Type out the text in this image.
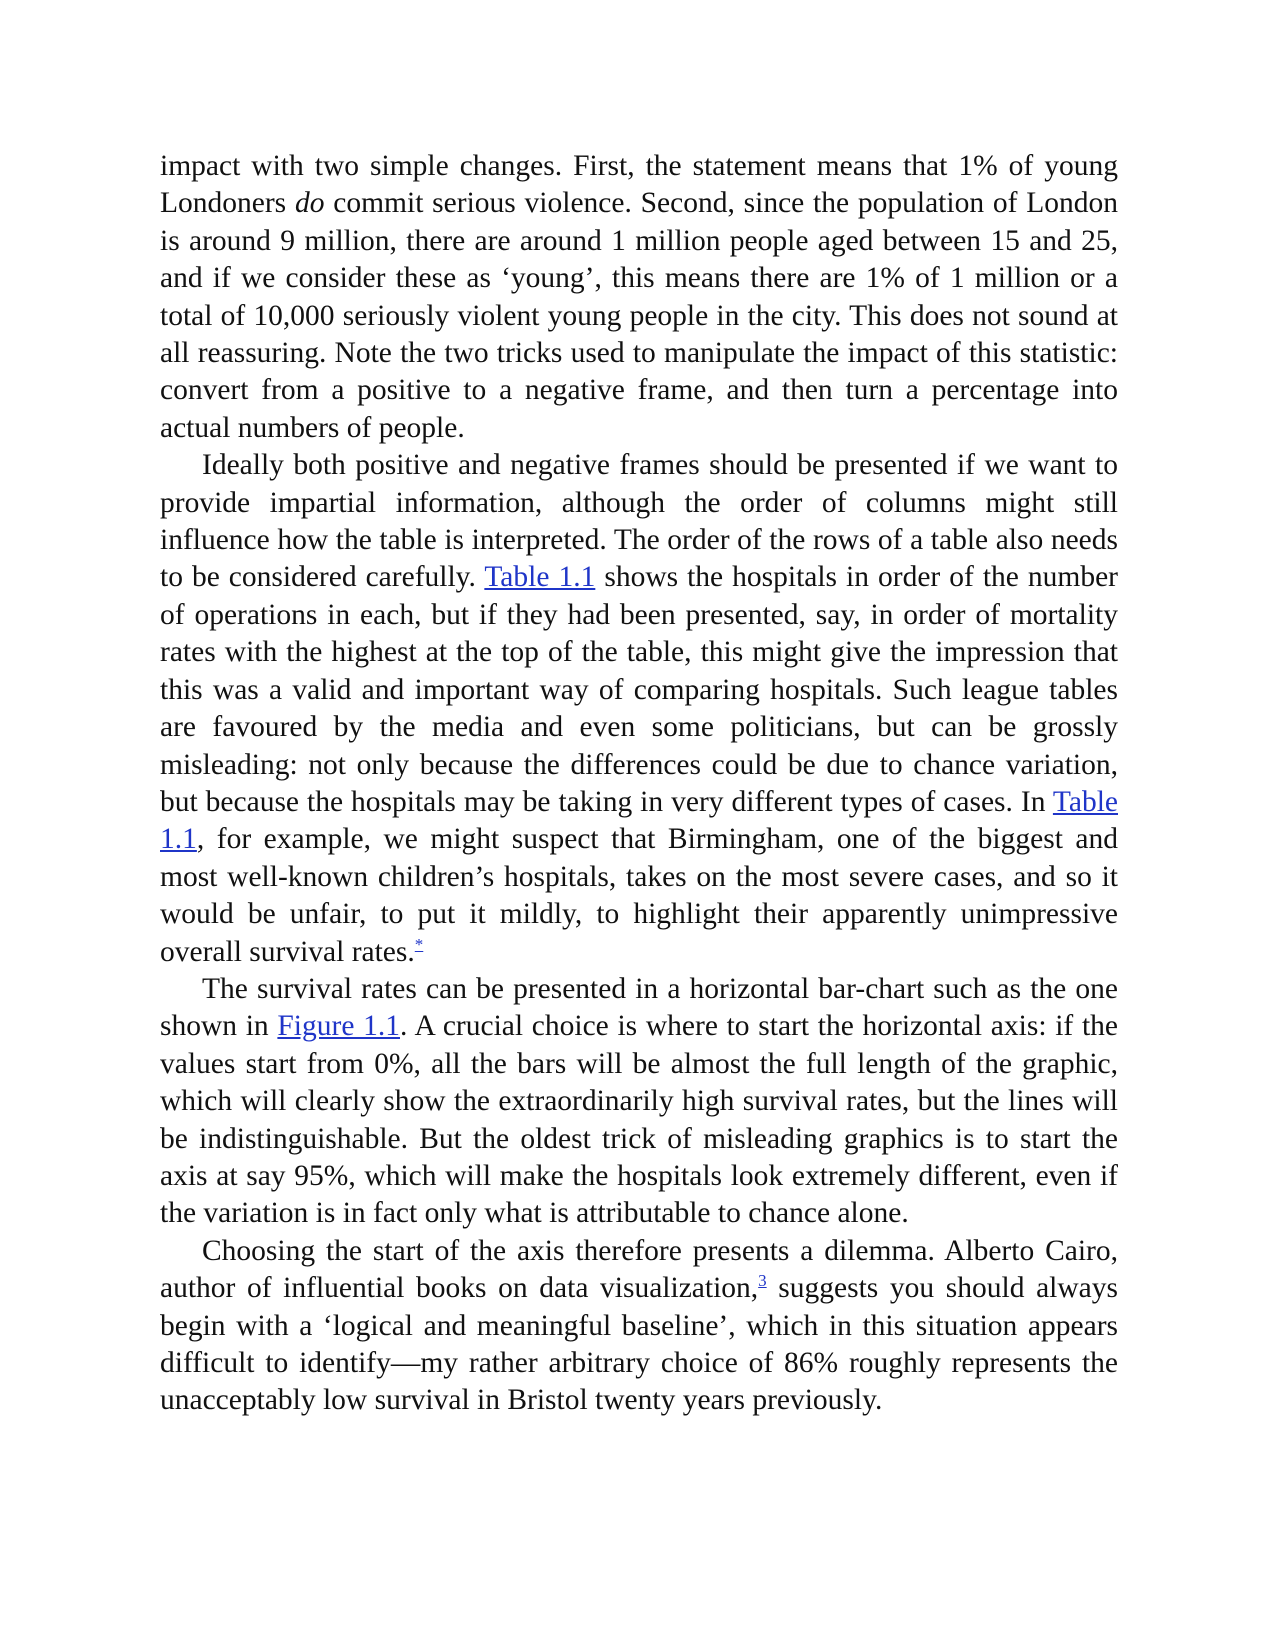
impact with two simple changes. First, the statement means that 1% of young Londoners do commit serious violence. Second, since the population of London is around 9 million, there are around 1 million people aged between 15 and 25, and if we consider these as ‘young’, this means there are 1% of 1 million or a total of 10,000 seriously violent young people in the city. This does not sound at all reassuring. Note the two tricks used to manipulate the impact of this statistic: convert from a positive to a negative frame, and then turn a percentage into actual numbers of people.

Ideally both positive and negative frames should be presented if we want to provide impartial information, although the order of columns might still influence how the table is interpreted. The order of the rows of a table also needs to be considered carefully. Table 1.1 shows the hospitals in order of the number of operations in each, but if they had been presented, say, in order of mortality rates with the highest at the top of the table, this might give the impression that this was a valid and important way of comparing hospitals. Such league tables are favoured by the media and even some politicians, but can be grossly misleading: not only because the differences could be due to chance variation, but because the hospitals may be taking in very different types of cases. In Table 1.1, for example, we might suspect that Birmingham, one of the biggest and most well-known children’s hospitals, takes on the most severe cases, and so it would be unfair, to put it mildly, to highlight their apparently unimpressive overall survival rates.*

The survival rates can be presented in a horizontal bar-chart such as the one shown in Figure 1.1. A crucial choice is where to start the horizontal axis: if the values start from 0%, all the bars will be almost the full length of the graphic, which will clearly show the extraordinarily high survival rates, but the lines will be indistinguishable. But the oldest trick of misleading graphics is to start the axis at say 95%, which will make the hospitals look extremely different, even if the variation is in fact only what is attributable to chance alone.

Choosing the start of the axis therefore presents a dilemma. Alberto Cairo, author of influential books on data visualization,$^3$ suggests you should always begin with a ‘logical and meaningful baseline’, which in this situation appears difficult to identify—my rather arbitrary choice of 86% roughly represents the unacceptably low survival in Bristol twenty years previously.
